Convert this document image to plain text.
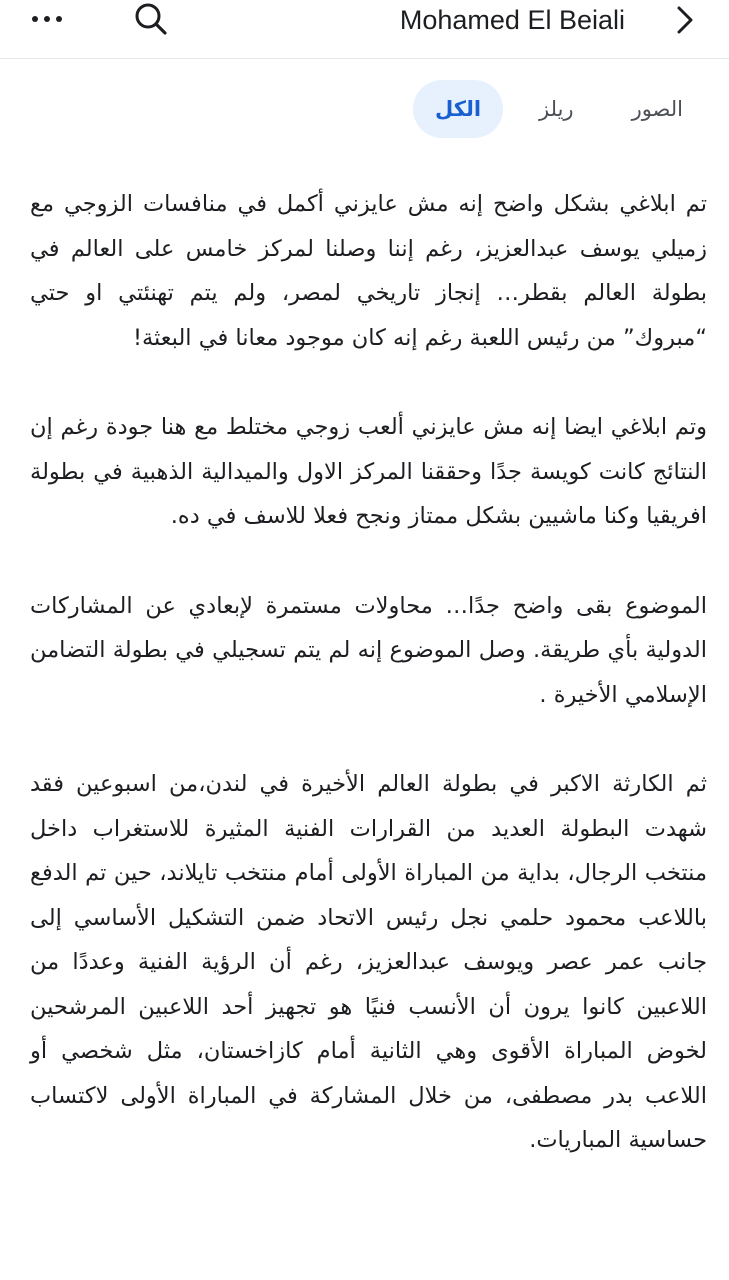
Mohamed El Beiali
الكل	ريلز	الصور

تم ابلاغي بشكل واضح إنه مش عايزني أكمل في منافسات الزوجي مع زميلي يوسف عبدالعزيز، رغم إننا وصلنا لمركز خامس على العالم في بطولة العالم بقطر… إنجاز تاريخي لمصر، ولم يتم تهنئتي او حتي “مبروك” من رئيس اللعبة رغم إنه كان موجود معانا في البعثة!

وتم ابلاغي ايضا إنه مش عايزني ألعب زوجي مختلط مع هنا جودة رغم إن النتائج كانت كويسة جدًا وحققنا المركز الاول والميدالية الذهبية في بطولة افريقيا وكنا ماشيين بشكل ممتاز ونجح فعلا للاسف في ده.

الموضوع بقى واضح جدًا… محاولات مستمرة لإبعادي عن المشاركات الدولية بأي طريقة. وصل الموضوع إنه لم يتم تسجيلي في بطولة التضامن الإسلامي الأخيرة .

ثم الكارثة الاكبر في بطولة العالم الأخيرة في لندن،من اسبوعين فقد شهدت البطولة العديد من القرارات الفنية المثيرة للاستغراب داخل منتخب الرجال، بداية من المباراة الأولى أمام منتخب تايلاند، حين تم الدفع باللاعب محمود حلمي نجل رئيس الاتحاد ضمن التشكيل الأساسي إلى جانب عمر عصر ويوسف عبدالعزيز، رغم أن الرؤية الفنية وعددًا من اللاعبين كانوا يرون أن الأنسب فنيًا هو تجهيز أحد اللاعبين المرشحين لخوض المباراة الأقوى وهي الثانية أمام كازاخستان، مثل شخصي أو اللاعب بدر مصطفى، من خلال المشاركة في المباراة الأولى لاكتساب حساسية المباريات.
